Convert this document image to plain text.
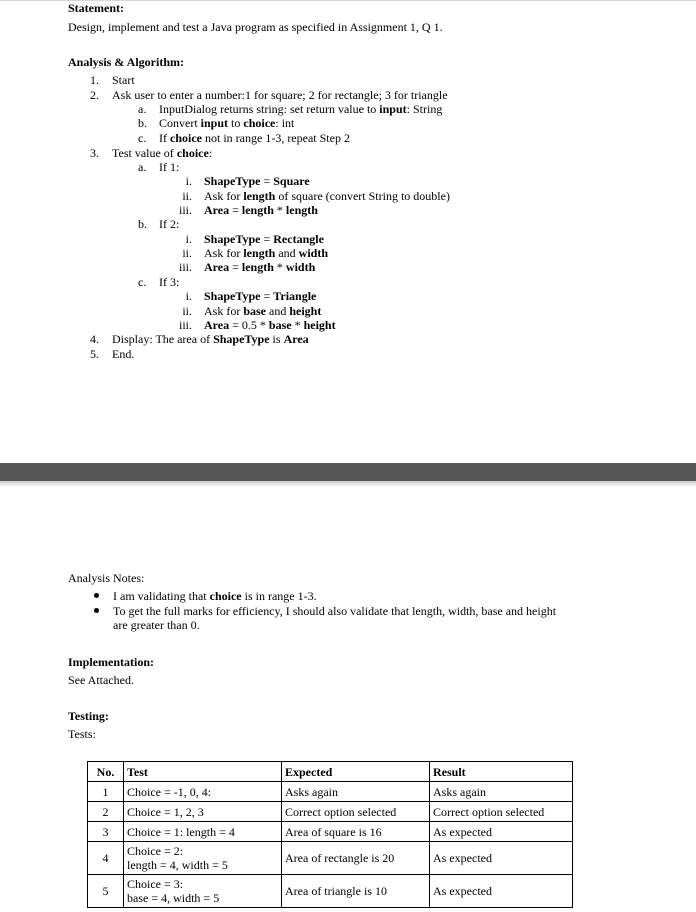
Statement:
Design, implement and test a Java program as specified in Assignment 1, Q 1.
Analysis & Algorithm:
1. Start
2. Ask user to enter a number:1 for square; 2 for rectangle; 3 for triangle
a. InputDialog returns string: set return value to input: String
b. Convert input to choice: int
c. If choice not in range 1-3, repeat Step 2
3. Test value of choice:
a. If 1:
i. ShapeType = Square
ii. Ask for length of square (convert String to double)
iii. Area = length * length
b. If 2:
i. ShapeType = Rectangle
ii. Ask for length and width
iii. Area = length * width
c. If 3:
i. ShapeType = Triangle
ii. Ask for base and height
iii. Area = 0.5 * base * height
4. Display: The area of ShapeType is Area
5. End.
Analysis Notes:
I am validating that choice is in range 1-3.
To get the full marks for efficiency, I should also validate that length, width, base and height
are greater than 0.
Implementation:
See Attached.
Testing:
Tests:
No.	Test	Expected	Result
1	Choice = -1, 0, 4:	Asks again	Asks again
2	Choice = 1, 2, 3	Correct option selected	Correct option selected
3	Choice = 1: length = 4	Area of square is 16	As expected
4	Choice = 2:
length = 4, width = 5	Area of rectangle is 20	As expected
5	Choice = 3:
base = 4, width = 5	Area of triangle is 10	As expected
